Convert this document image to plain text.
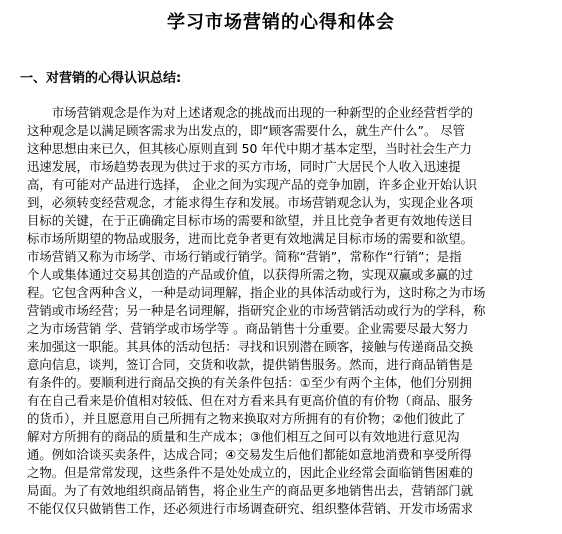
学习市场营销的心得和体会
一、对营销的心得认识总结:
市场营销观念是作为对上述诸观念的挑战而出现的一种新型的企业经营哲学的
这种观念是以满足顾客需求为出发点的，即“顾客需要什么，就生产什么”。 尽管
这种思想由来已久，但其核心原则直到 50 年代中期才基本定型，当时社会生产力
迅速发展，市场趋势表现为供过于求的买方市场，同时广大居民个人收入迅速提
高，有可能对产品进行选择， 企业之间为实现产品的竞争加剧，许多企业开始认识
到，必须转变经营观念，才能求得生存和发展。市场营销观念认为，实现企业各项
目标的关键，在于正确确定目标市场的需要和欲望，并且比竞争者更有效地传送目
标市场所期望的物品或服务，进而比竞争者更有效地满足目标市场的需要和欲望。
市场营销又称为市场学、市场行销或行销学。简称“营销”，常称作“行销”；是指
个人或集体通过交易其创造的产品或价值，以获得所需之物，实现双赢或多赢的过
程。它包含两种含义，一种是动词理解，指企业的具体活动或行为，这时称之为市场
营销或市场经营；另一种是名词理解，指研究企业的市场营销活动或行为的学科，称
之为市场营销 学、营销学或市场学等 。商品销售十分重要。企业需要尽最大努力
来加强这一职能。其具体的活动包括：寻找和识别潜在顾客，接触与传递商品交换
意向信息，谈判，签订合同，交货和收款，提供销售服务。然而，进行商品销售是
有条件的。要顺利进行商品交换的有关条件包括：①至少有两个主体，他们分别拥
有在自己看来是价值相对较低、但在对方看来具有更高价值的有价物（商品、服务
的货币），并且愿意用自己所拥有之物来换取对方所拥有的有价物；②他们彼此了
解对方所拥有的商品的质量和生产成本；③他们相互之间可以有效地进行意见沟
通。例如洽谈买卖条件，达成合同；④交易发生后他们都能如意地消费和享受所得
之物。但是常常发现，这些条件不是处处成立的，因此企业经常会面临销售困难的
局面。为了有效地组织商品销售，将企业生产的商品更多地销售出去，营销部门就
不能仅仅只做销售工作，还必须进行市场调查研究、组织整体营销、开发市场需求
